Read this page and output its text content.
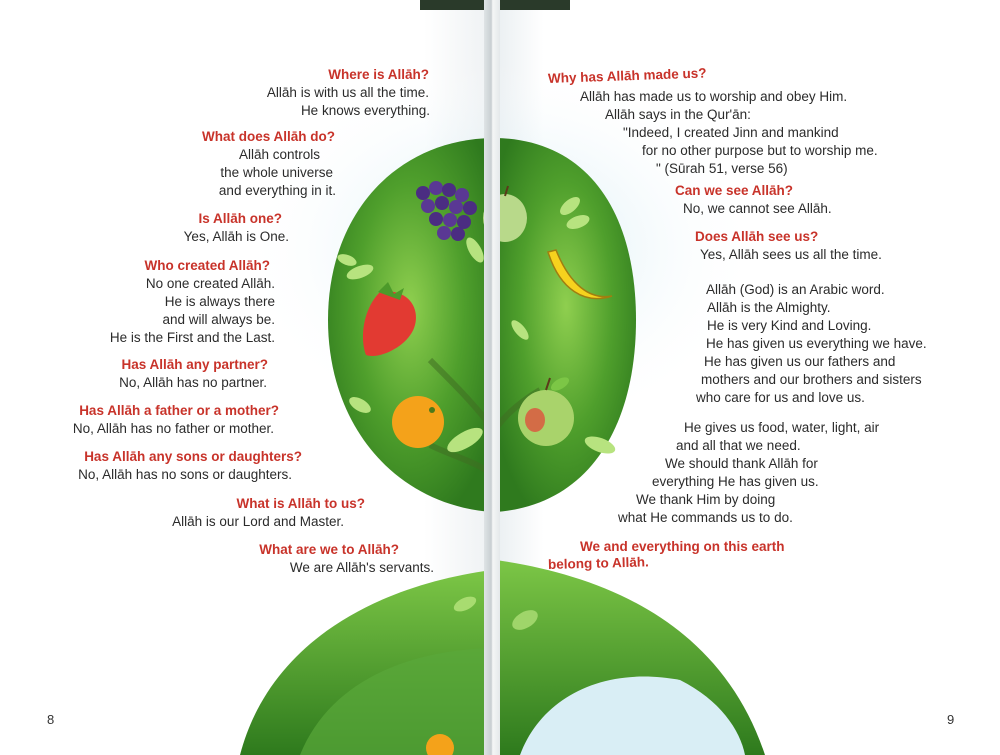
Where is Allāh?
Allāh is with us all the time.
He knows everything.
What does Allāh do?
Allāh controls
the whole universe
and everything in it.
Is Allāh one?
Yes, Allāh is One.
Who created Allāh?
No one created Allāh.
He is always there
and will always be.
He is the First and the Last.
Has Allāh any partner?
No, Allāh has no partner.
Has Allāh a father or a mother?
No, Allāh has no father or mother.
Has Allāh any sons or daughters?
No, Allāh has no sons or daughters.
What is Allāh to us?
Allāh is our Lord and Master.
What are we to Allāh?
We are Allāh's servants.
8
Why has Allāh made us?
Allāh has made us to worship and obey Him.
Allāh says in the Qur'ān:
"Indeed, I created Jinn and mankind
for no other purpose but to worship me.
" (Sūrah 51, verse 56)
Can we see Allāh?
No, we cannot see Allāh.
Does Allāh see us?
Yes, Allāh sees us all the time.
Allāh (God) is an Arabic word.
Allāh is the Almighty.
He is very Kind and Loving.
He has given us everything we have.
He has given us our fathers and
mothers and our brothers and sisters
who care for us and love us.
He gives us food, water, light, air
and all that we need.
We should thank Allāh for
everything He has given us.
We thank Him by doing
what He commands us to do.
We and everything on this earth
belong to Allāh.
9
